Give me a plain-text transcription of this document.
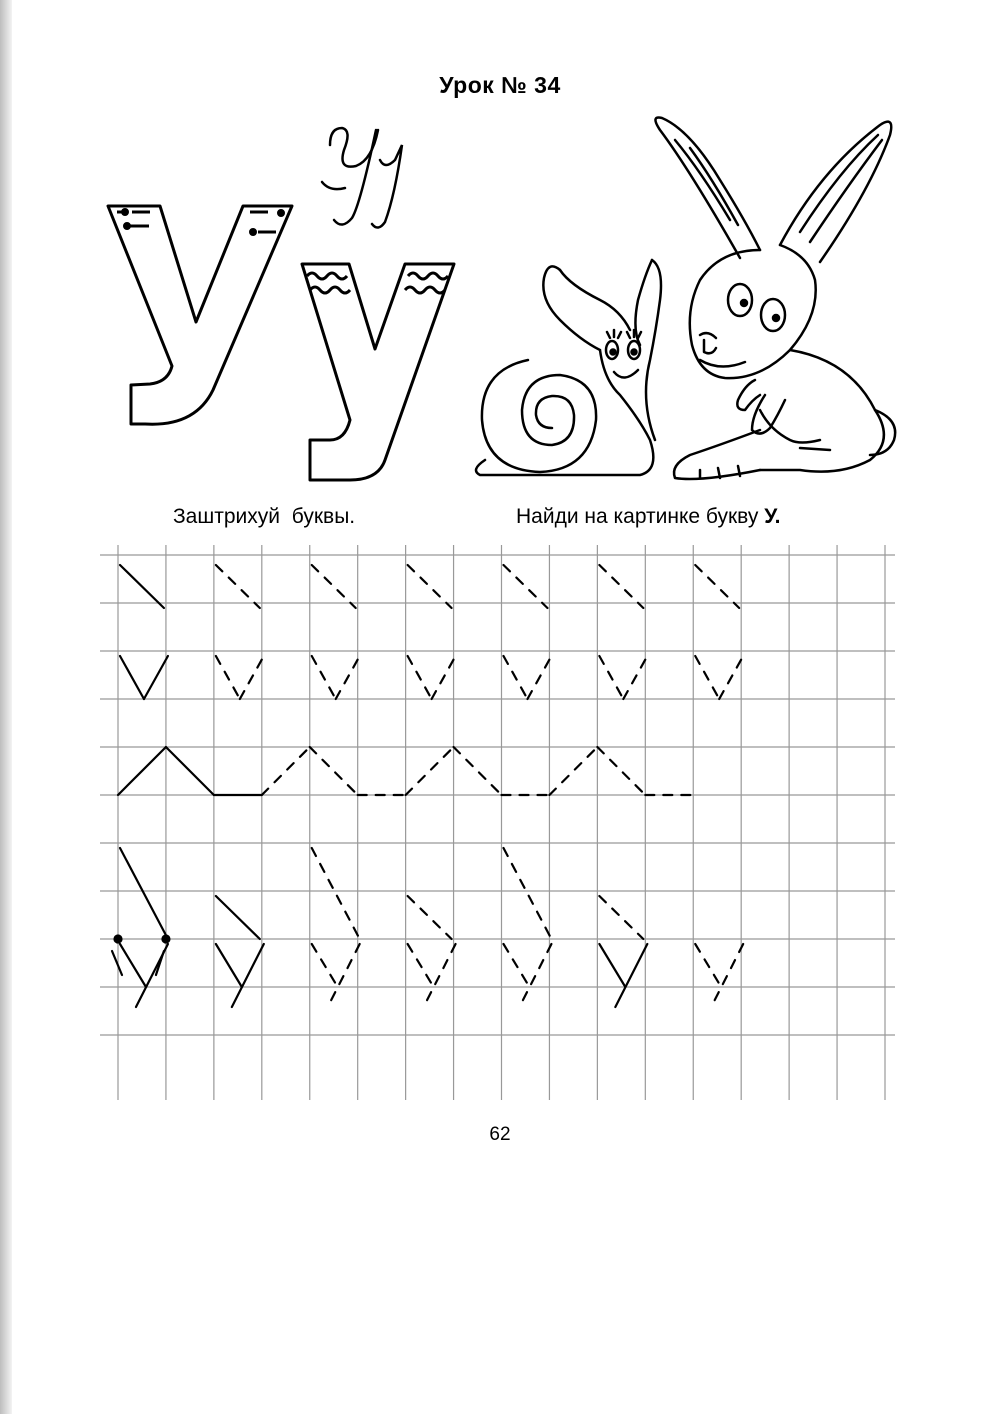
Урок № 34
Заштрихуй буквы.	Найди на картинке букву У.
62
